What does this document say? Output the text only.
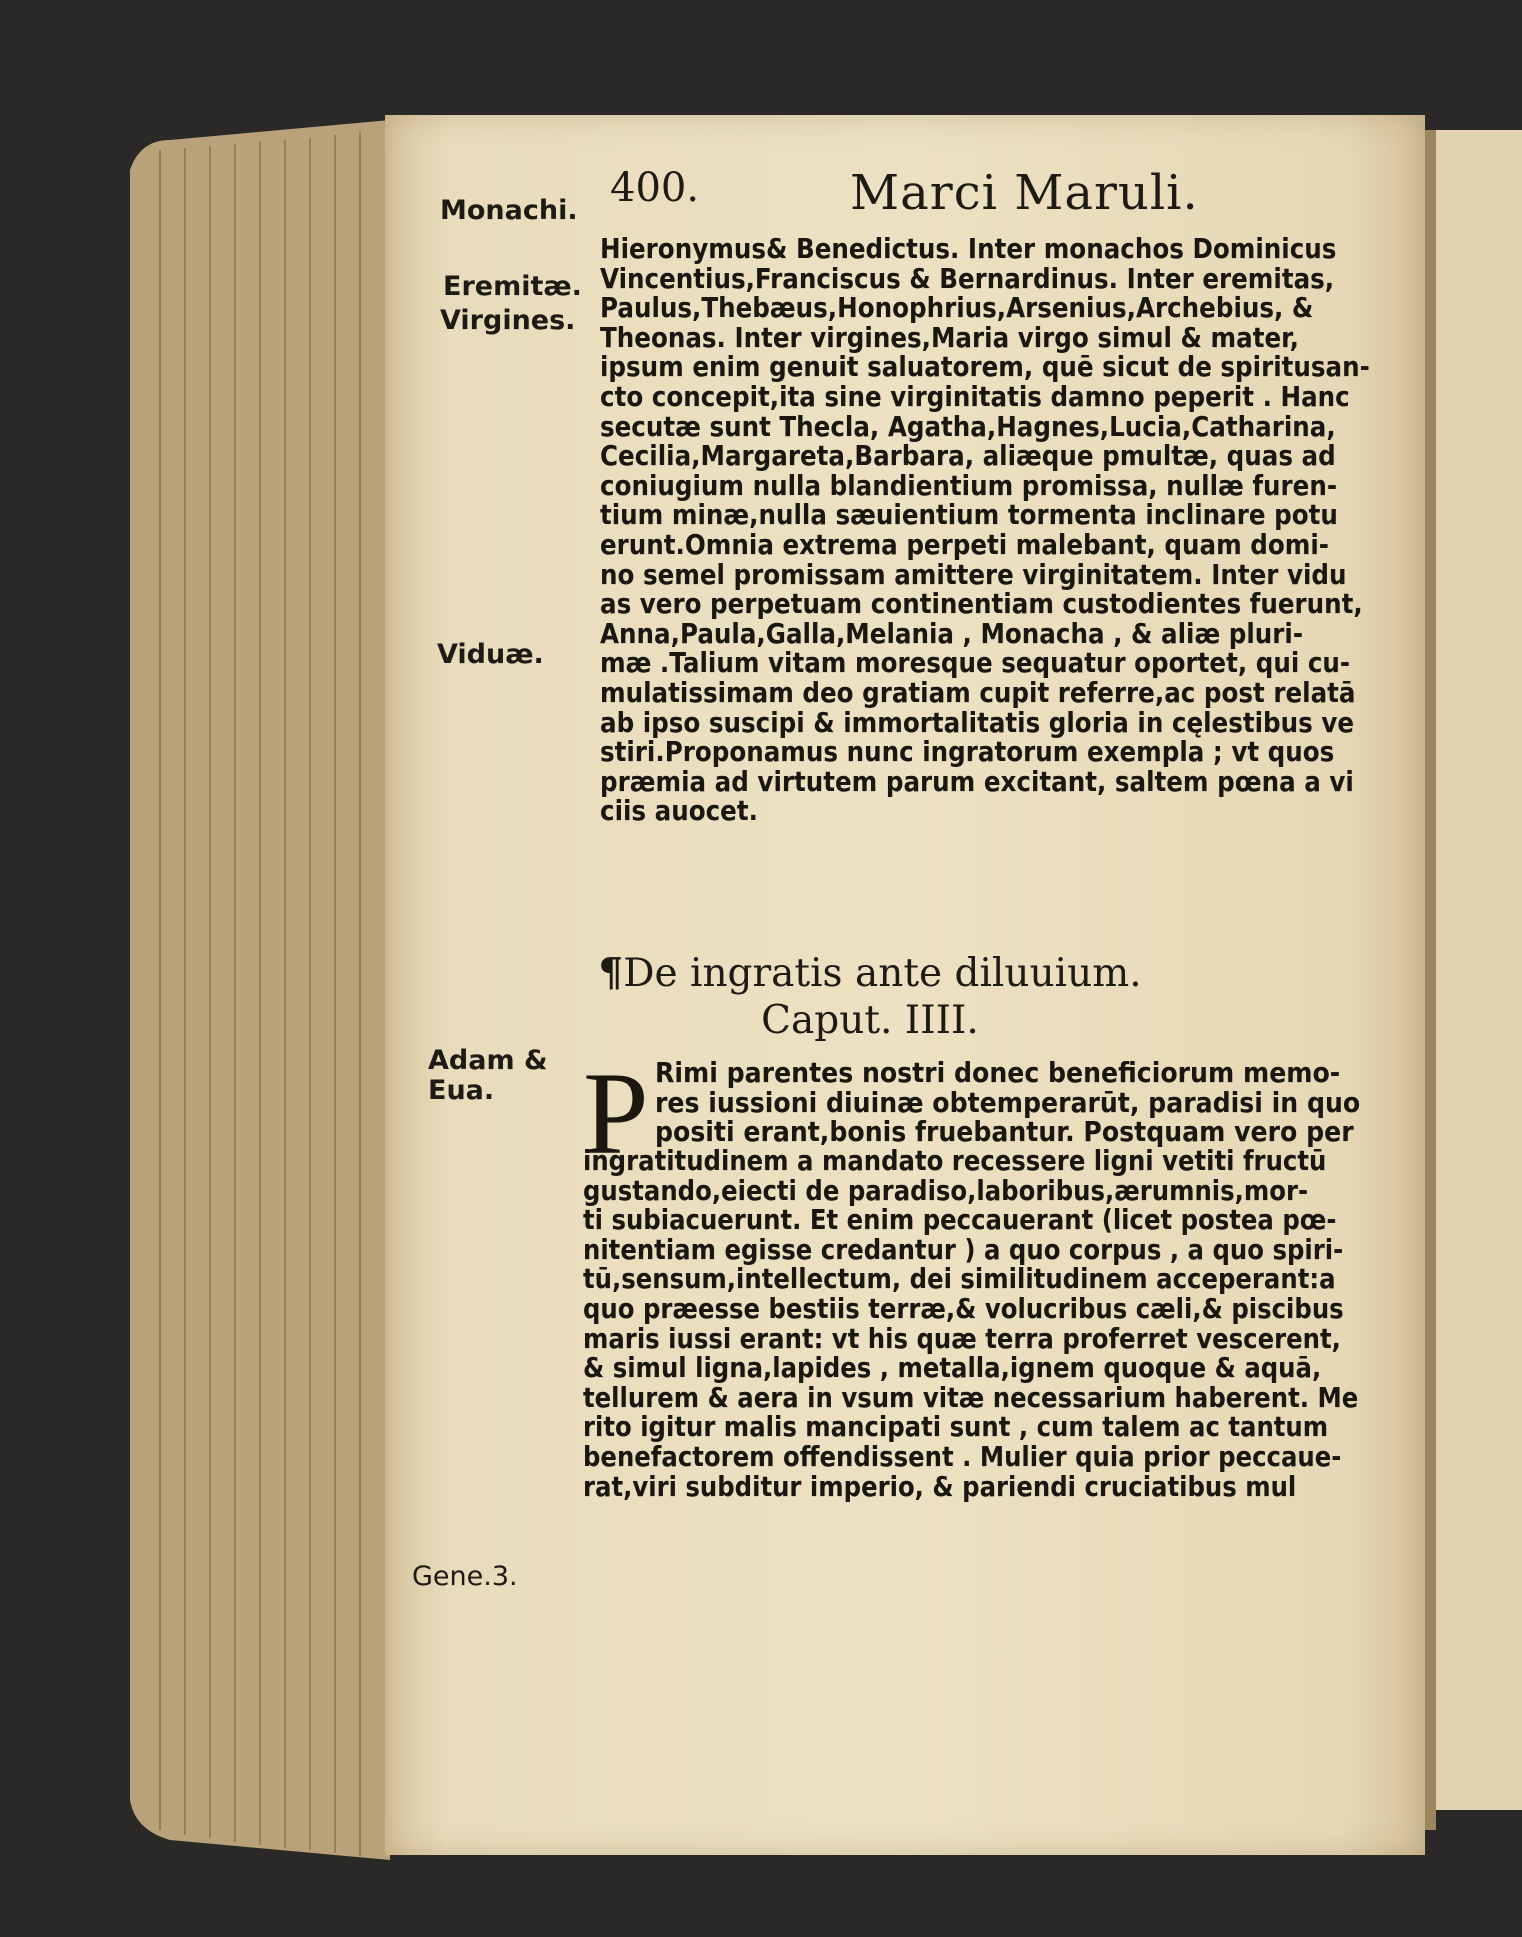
400.	Marci Maruli.
Monachi.
Eremitæ.
Virgines.
Viduæ.
Adam &
Eua.
Gene.3.
Hieronymus& Benedictus. Inter monachos Dominicus
Vincentius,Franciscus & Bernardinus. Inter eremitas,
Paulus,Thebæus,Honophrius,Arsenius,Archebius, &
Theonas. Inter virgines,Maria virgo simul & mater,
ipsum enim genuit saluatorem, quē sicut de spiritusan-
cto concepit,ita sine virginitatis damno peperit . Hanc
secutæ sunt Thecla, Agatha,Hagnes,Lucia,Catharina,
Cecilia,Margareta,Barbara, aliæque pmultæ, quas ad
coniugium nulla blandientium promissa, nullæ furen-
tium minæ,nulla sæuientium tormenta inclinare potu
erunt.Omnia extrema perpeti malebant, quam domi-
no semel promissam amittere virginitatem. Inter vidu
as vero perpetuam continentiam custodientes fuerunt,
Anna,Paula,Galla,Melania , Monacha , & aliæ pluri-
mæ .Talium vitam moresque sequatur oportet, qui cu-
mulatissimam deo gratiam cupit referre,ac post relatā
ab ipso suscipi & immortalitatis gloria in cęlestibus ve
stiri.Proponamus nunc ingratorum exempla ; vt quos
præmia ad virtutem parum excitant, saltem pœna a vi
ciis auocet.
¶De ingratis ante diluuium.
Caput. IIII.
P Rimi parentes nostri donec beneficiorum memo-
res iussioni diuinæ obtemperarūt, paradisi in quo
positi erant,bonis fruebantur. Postquam vero per
ingratitudinem a mandato recessere ligni vetiti fructū
gustando,eiecti de paradiso,laboribus,ærumnis,mor-
ti subiacuerunt. Et enim peccauerant (licet postea pœ-
nitentiam egisse credantur ) a quo corpus , a quo spiri-
tū,sensum,intellectum, dei similitudinem acceperant:a
quo præesse bestiis terræ,& volucribus cæli,& piscibus
maris iussi erant: vt his quæ terra proferret vescerent,
& simul ligna,lapides , metalla,ignem quoque & aquā,
tellurem & aera in vsum vitæ necessarium haberent. Me
rito igitur malis mancipati sunt , cum talem ac tantum
benefactorem offendissent . Mulier quia prior peccaue-
rat,viri subditur imperio, & pariendi cruciatibus mul
